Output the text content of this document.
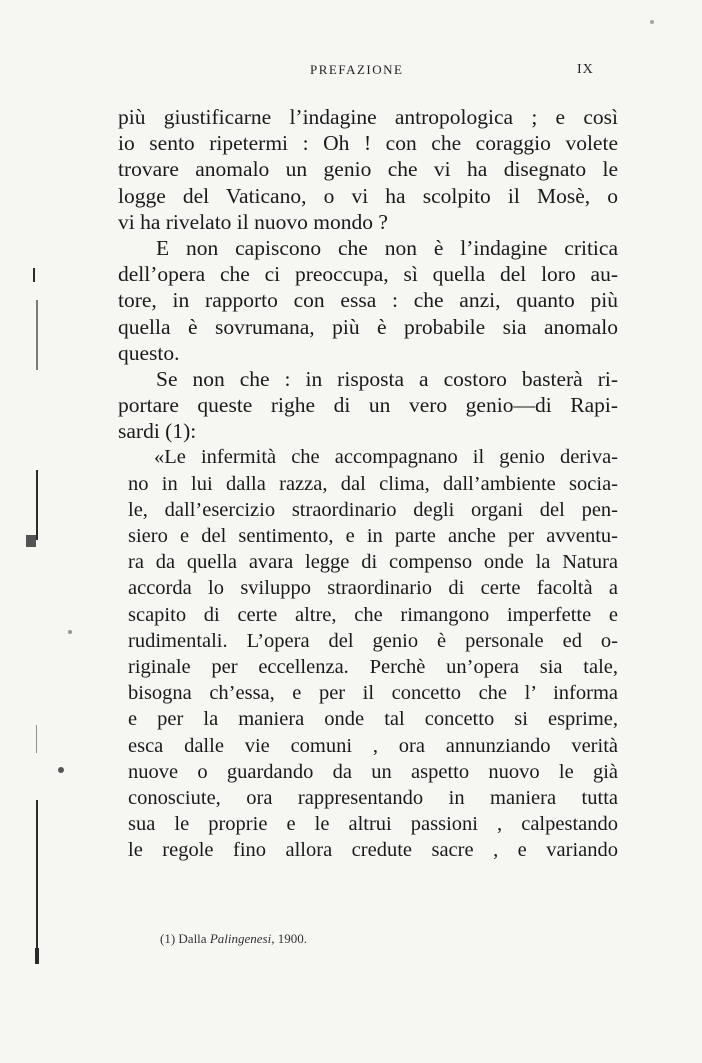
PREFAZIONE	IX
più giustificarne l’indagine antropologica ; e così
io sento ripetermi : Oh ! con che coraggio volete
trovare anomalo un genio che vi ha disegnato le
logge del Vaticano, o vi ha scolpito il Mosè, o
vi ha rivelato il nuovo mondo ?
E non capiscono che non è l’indagine critica
dell’opera che ci preoccupa, sì quella del loro au-
tore, in rapporto con essa : che anzi, quanto più
quella è sovrumana, più è probabile sia anomalo
questo.
Se non che : in risposta a costoro basterà ri-
portare queste righe di un vero genio—di Rapi-
sardi (1):
«Le infermità che accompagnano il genio deriva-
no in lui dalla razza, dal clima, dall’ambiente socia-
le, dall’esercizio straordinario degli organi del pen-
siero e del sentimento, e in parte anche per avventu-
ra da quella avara legge di compenso onde la Natura
accorda lo sviluppo straordinario di certe facoltà a
scapito di certe altre, che rimangono imperfette e
rudimentali. L’opera del genio è personale ed o-
riginale per eccellenza. Perchè un’opera sia tale,
bisogna ch’essa, e per il concetto che l’ informa
e per la maniera onde tal concetto si esprime,
esca dalle vie comuni , ora annunziando verità
nuove o guardando da un aspetto nuovo le già
conosciute, ora rappresentando in maniera tutta
sua le proprie e le altrui passioni , calpestando
le regole fino allora credute sacre , e variando
(1) Dalla Palingenesi, 1900.
